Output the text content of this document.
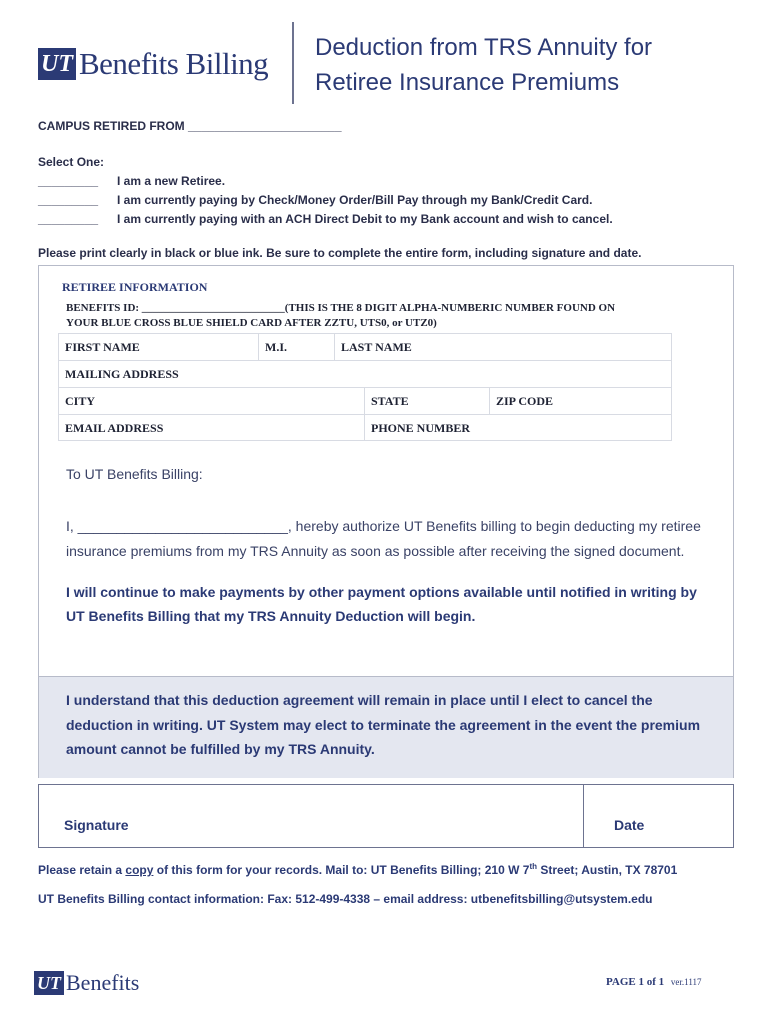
UT Benefits Billing Deduction from TRS Annuity for
Retiree Insurance Premiums
CAMPUS RETIRED FROM _______________________
Select One:
_________ I am a new Retiree.
_________ I am currently paying by Check/Money Order/Bill Pay through my Bank/Credit Card.
_________ I am currently paying with an ACH Direct Debit to my Bank account and wish to cancel.
Please print clearly in black or blue ink. Be sure to complete the entire form, including signature and date.
RETIREE INFORMATION
BENEFITS ID: __________________________(THIS IS THE 8 DIGIT ALPHA-NUMBERIC NUMBER FOUND ON
YOUR BLUE CROSS BLUE SHIELD CARD AFTER ZZTU, UTS0, or UTZ0)
FIRST NAME	M.I.	LAST NAME
MAILING ADDRESS
CITY	STATE	ZIP CODE
EMAIL ADDRESS	PHONE NUMBER
To UT Benefits Billing:
I, ___________________________, hereby authorize UT Benefits billing to begin deducting my retiree
insurance premiums from my TRS Annuity as soon as possible after receiving the signed document.
I will continue to make payments by other payment options available until notified in writing by
UT Benefits Billing that my TRS Annuity Deduction will begin.
I understand that this deduction agreement will remain in place until I elect to cancel the
deduction in writing. UT System may elect to terminate the agreement in the event the premium
amount cannot be fulfilled by my TRS Annuity.
Signature	Date
Please retain a copy of this form for your records. Mail to: UT Benefits Billing; 210 W 7th Street; Austin, TX 78701
UT Benefits Billing contact information: Fax: 512-499-4338 – email address: utbenefitsbilling@utsystem.edu
UT Benefits	PAGE 1 of 1 ver.1117
